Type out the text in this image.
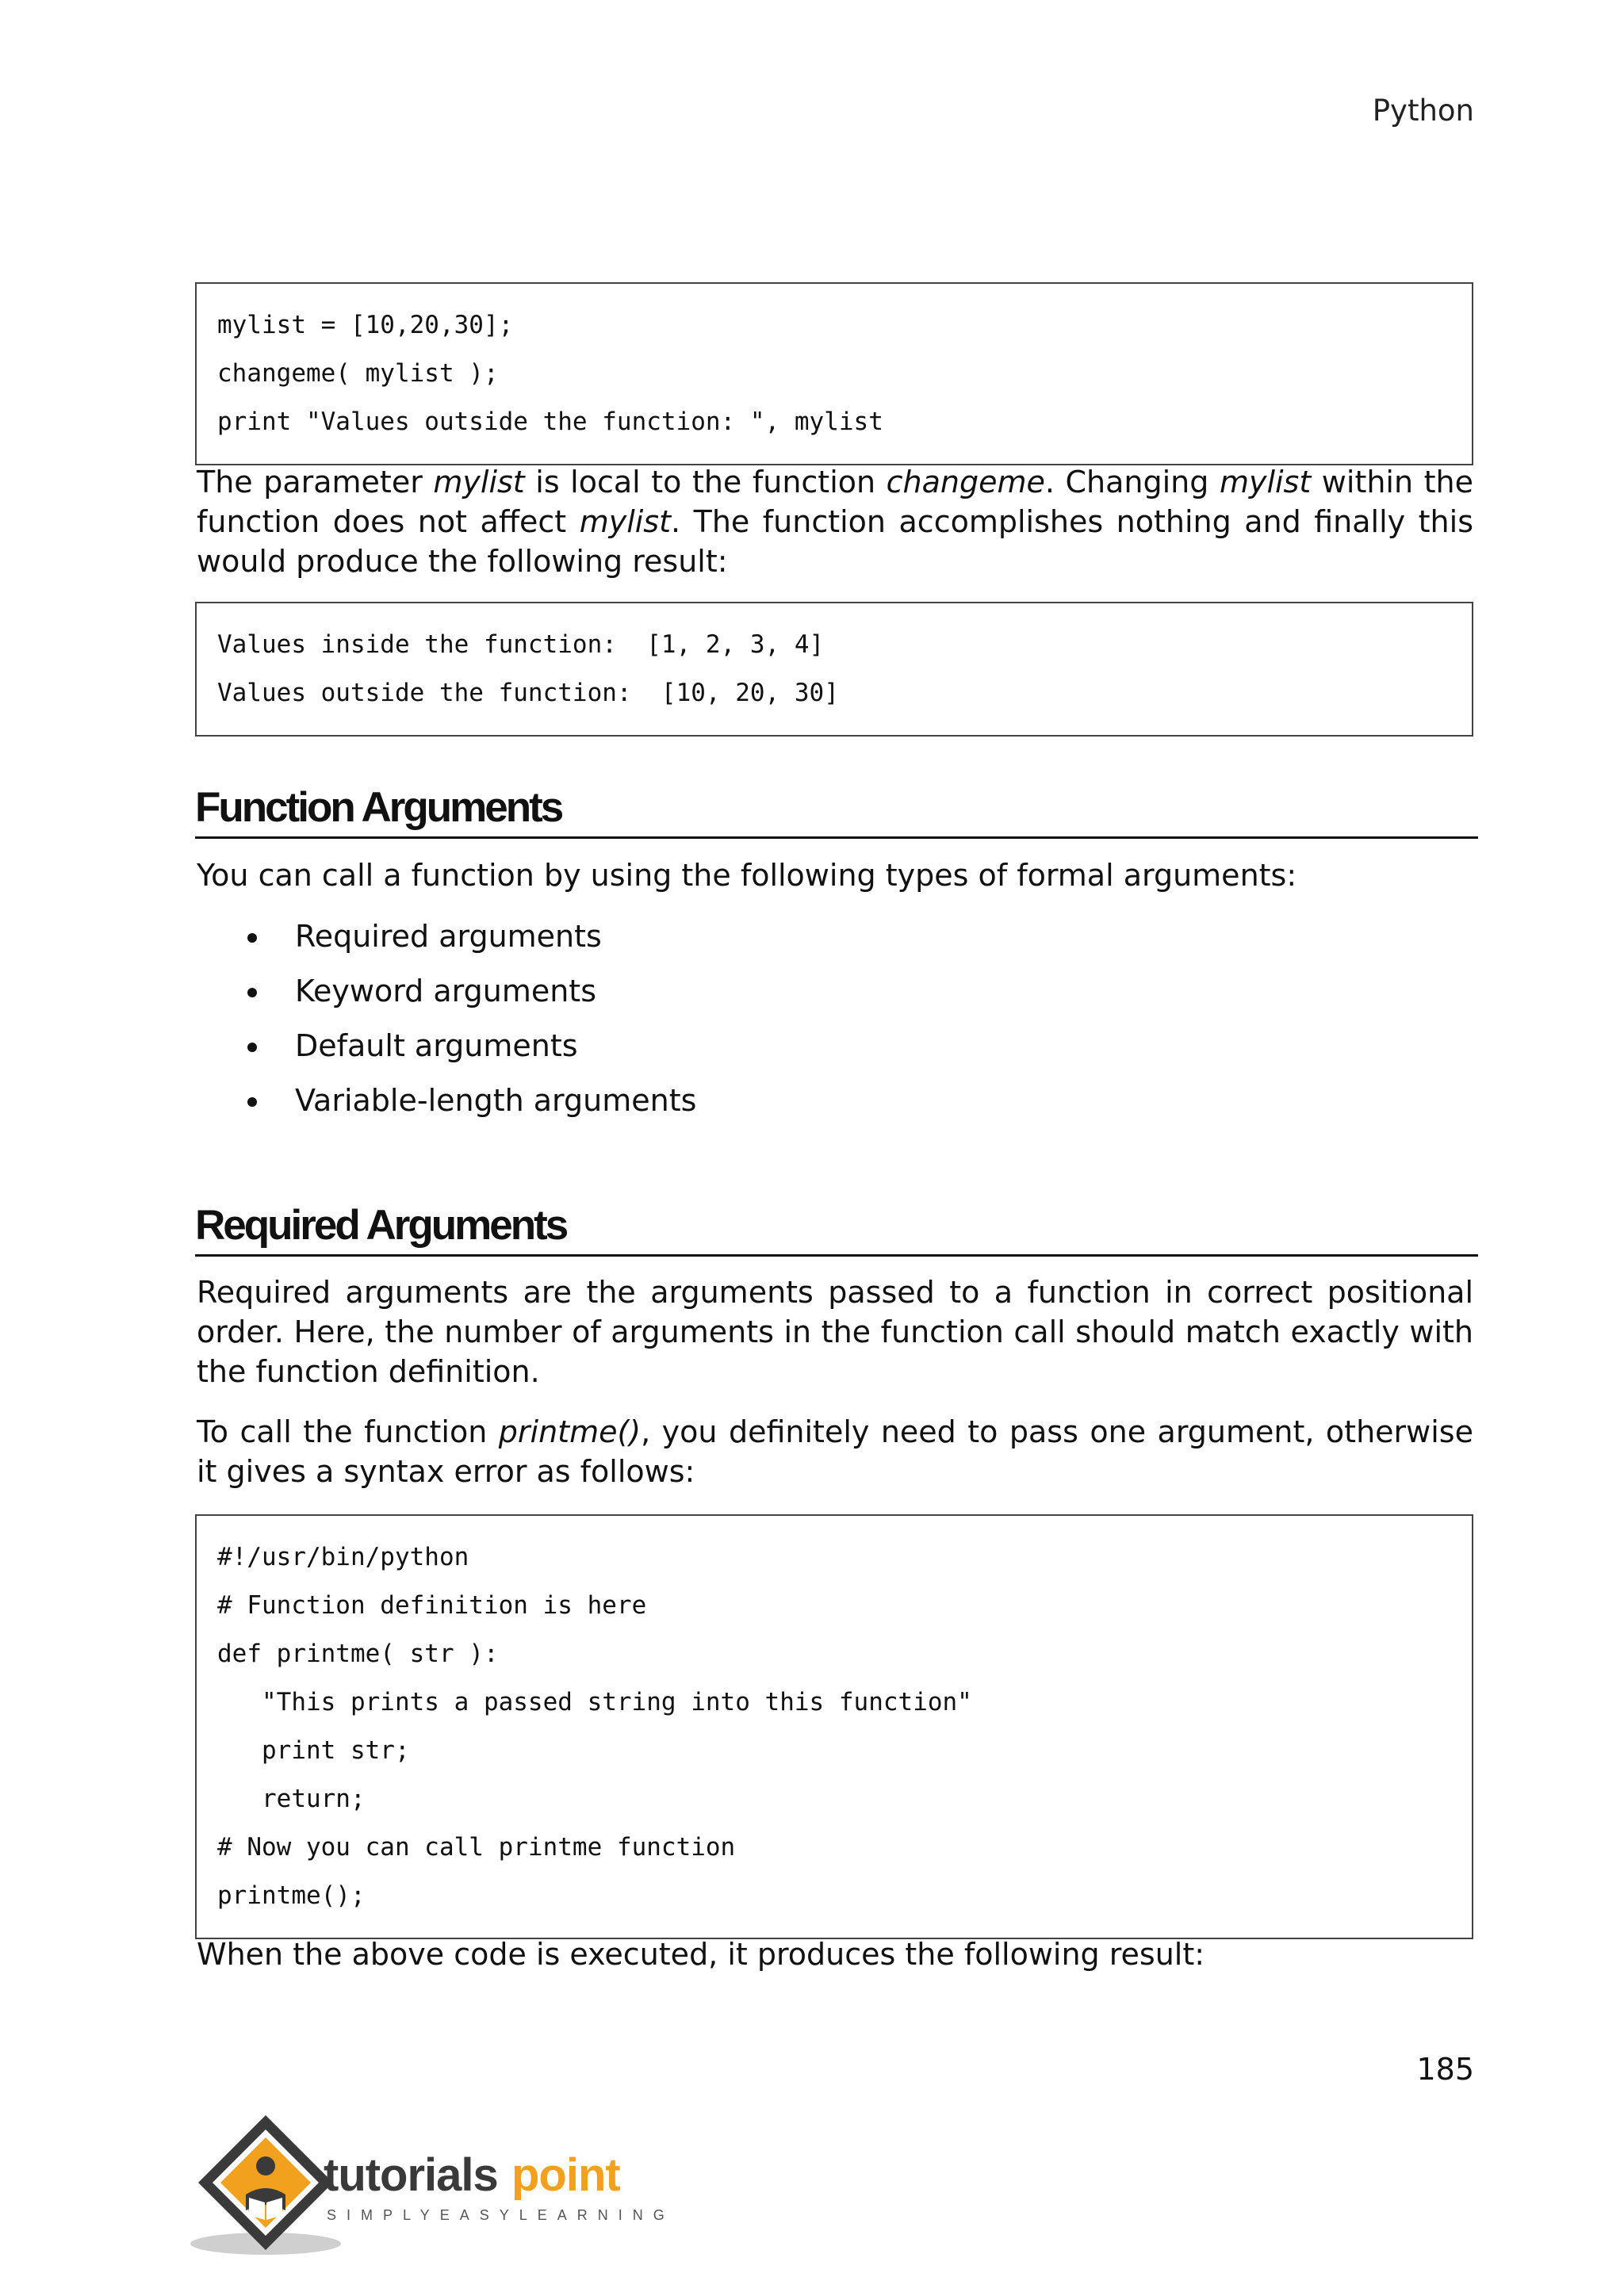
Python
mylist = [10,20,30];
changeme( mylist );
print "Values outside the function: ", mylist
The parameter mylist is local to the function changeme. Changing mylist within the function does not affect mylist. The function accomplishes nothing and finally this would produce the following result:
Values inside the function:  [1, 2, 3, 4]
Values outside the function:  [10, 20, 30]
Function Arguments
You can call a function by using the following types of formal arguments:
Required arguments
Keyword arguments
Default arguments
Variable-length arguments
Required Arguments
Required arguments are the arguments passed to a function in correct positional order. Here, the number of arguments in the function call should match exactly with the function definition.
To call the function printme(), you definitely need to pass one argument, otherwise it gives a syntax error as follows:
#!/usr/bin/python
# Function definition is here
def printme( str ):
"This prints a passed string into this function"
print str;
return;
# Now you can call printme function
printme();
When the above code is executed, it produces the following result:
185
tutorials point
SIMPLYEASYLEARNING
